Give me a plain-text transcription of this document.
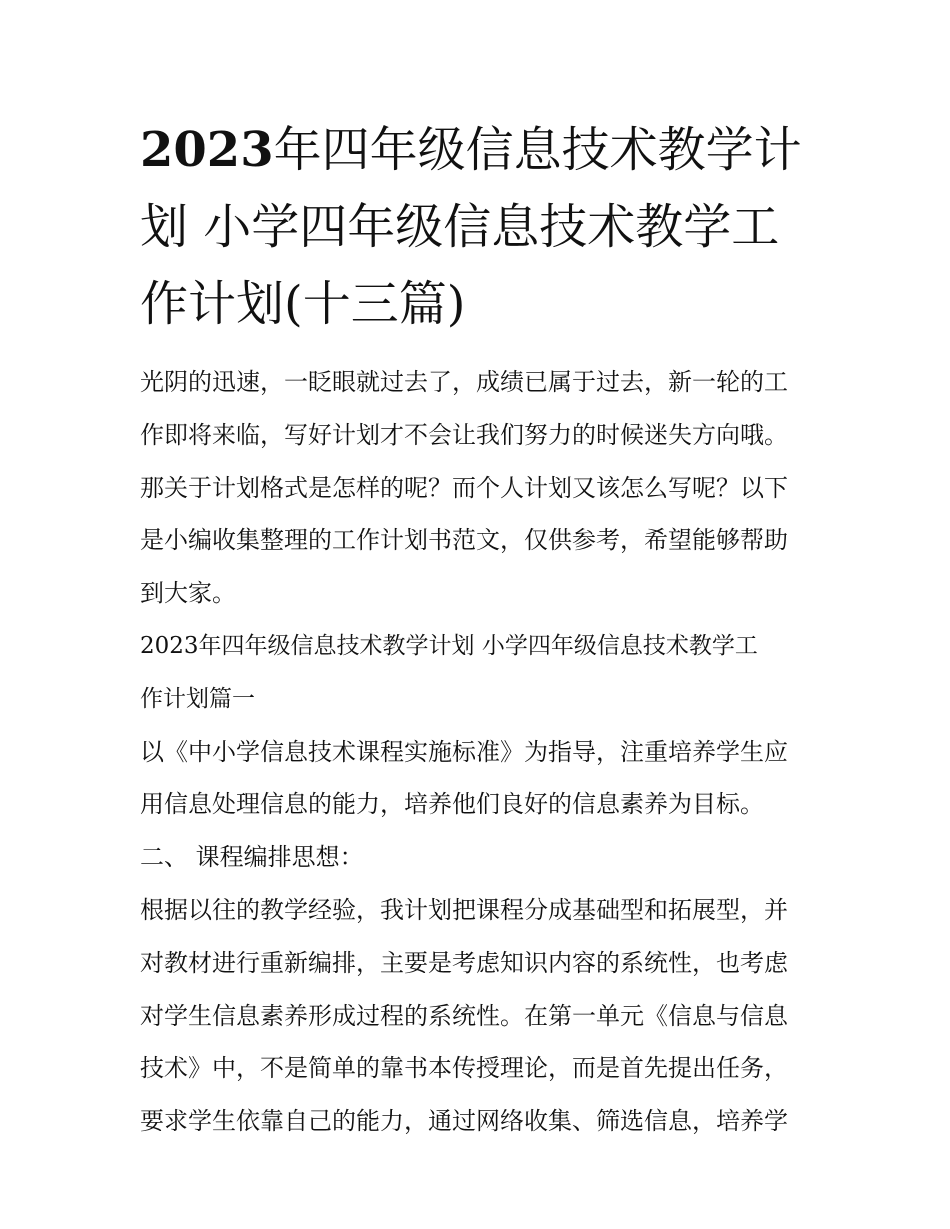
2023年四年级信息技术教学计
划 小学四年级信息技术教学工
作计划(十三篇)

光阴的迅速，一眨眼就过去了，成绩已属于过去，新一轮的工
作即将来临，写好计划才不会让我们努力的时候迷失方向哦。
那关于计划格式是怎样的呢？而个人计划又该怎么写呢？以下
是小编收集整理的工作计划书范文，仅供参考，希望能够帮助
到大家。

2023年四年级信息技术教学计划 小学四年级信息技术教学工
作计划篇一

以《中小学信息技术课程实施标准》为指导，注重培养学生应
用信息处理信息的能力，培养他们良好的信息素养为目标。

二、 课程编排思想：

根据以往的教学经验，我计划把课程分成基础型和拓展型，并
对教材进行重新编排，主要是考虑知识内容的系统性，也考虑
对学生信息素养形成过程的系统性。在第一单元《信息与信息
技术》中，不是简单的靠书本传授理论，而是首先提出任务，
要求学生依靠自己的能力，通过网络收集、筛选信息，培养学
